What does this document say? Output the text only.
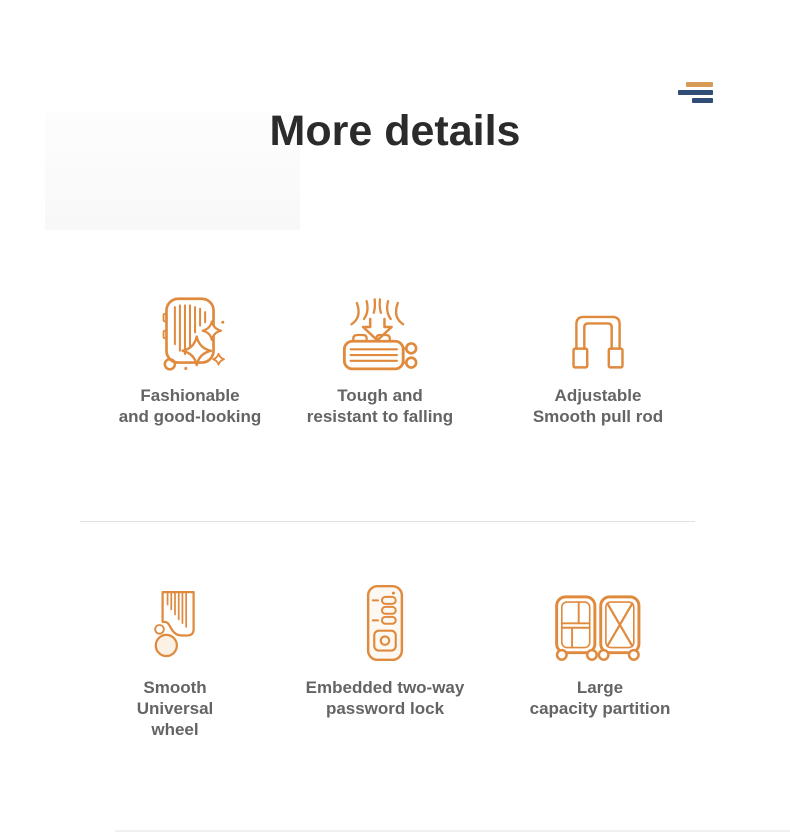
More details
Fashionable
and good-looking
Tough and
resistant to falling
Adjustable
Smooth pull rod
Smooth
Universal
wheel
Embedded two-way
password lock
Large
capacity partition
